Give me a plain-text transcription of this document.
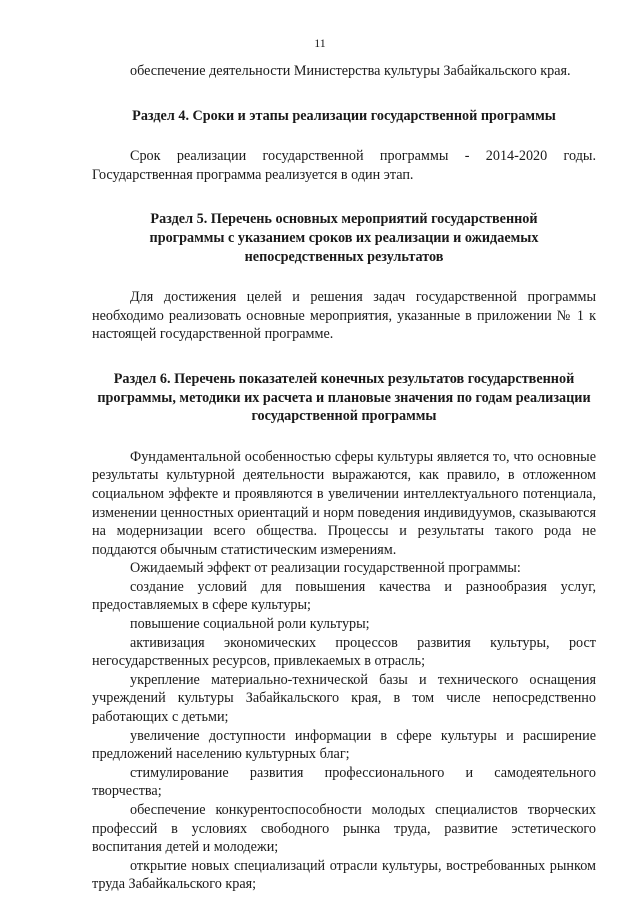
11

обеспечение деятельности Министерства культуры Забайкальского края.

Раздел 4. Сроки и этапы реализации государственной программы

Срок реализации государственной программы - 2014-2020 годы. Государственная программа реализуется в один этап.

Раздел 5. Перечень основных мероприятий государственной программы с указанием сроков их реализации и ожидаемых непосредственных результатов

Для достижения целей и решения задач государственной программы необходимо реализовать основные мероприятия, указанные в приложении № 1 к настоящей государственной программе.

Раздел 6. Перечень показателей конечных результатов государственной программы, методики их расчета и плановые значения по годам реализации государственной программы

Фундаментальной особенностью сферы культуры является то, что основные результаты культурной деятельности выражаются, как правило, в отложенном социальном эффекте и проявляются в увеличении интеллектуального потенциала, изменении ценностных ориентаций и норм поведения индивидуумов, сказываются на модернизации всего общества. Процессы и результаты такого рода не поддаются обычным статистическим измерениям.

Ожидаемый эффект от реализации государственной программы:

создание условий для повышения качества и разнообразия услуг, предоставляемых в сфере культуры;

повышение социальной роли культуры;

активизация экономических процессов развития культуры, рост негосударственных ресурсов, привлекаемых в отрасль;

укрепление материально-технической базы и технического оснащения учреждений культуры Забайкальского края, в том числе непосредственно работающих с детьми;

увеличение доступности информации в сфере культуры и расширение предложений населению культурных благ;

стимулирование развития профессионального и самодеятельного творчества;

обеспечение конкурентоспособности молодых специалистов творческих профессий в условиях свободного рынка труда, развитие эстетического воспитания детей и молодежи;

открытие новых специализаций отрасли культуры, востребованных рынком труда Забайкальского края;
